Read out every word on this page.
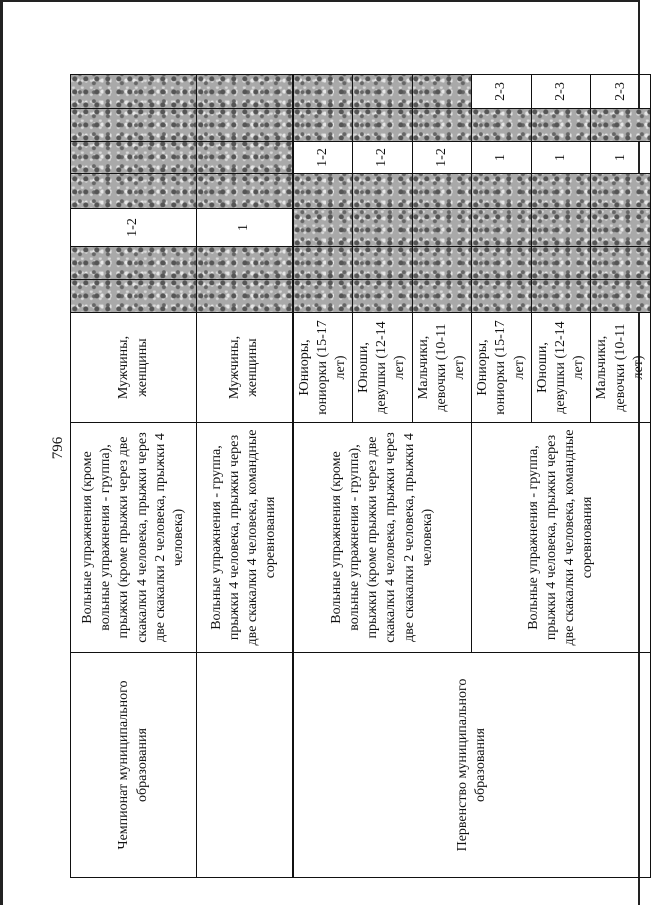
796
Чемпионат муниципального образования	Вольные упражнения (кроме вольные упражнения - группа), прыжки (кроме прыжки через две скакалки 4 человека, прыжки через две скакалки 2 человека, прыжки 4 человека)	Мужчины, женщины			1-2				
	Вольные упражнения - группа, прыжки 4 человека, прыжки через две скакалки 4 человека, командные соревнования	Мужчины, женщины			1				
Первенство муниципального образования	Вольные упражнения (кроме вольные упражнения - группа), прыжки (кроме прыжки через две скакалки 4 человека, прыжки через две скакалки 2 человека, прыжки 4 человека)	Юниоры, юниорки (15-17 лет)					1-2		
		Юноши, девушки (12-14 лет)					1-2		
		Мальчики, девочки (10-11 лет)					1-2		
	Вольные упражнения - группа, прыжки 4 человека, прыжки через две скакалки 4 человека, командные соревнования	Юниоры, юниорки (15-17 лет)					1		2-3
		Юноши, девушки (12-14 лет)					1		2-3
		Мальчики, девочки (10-11 лет)					1		2-3
